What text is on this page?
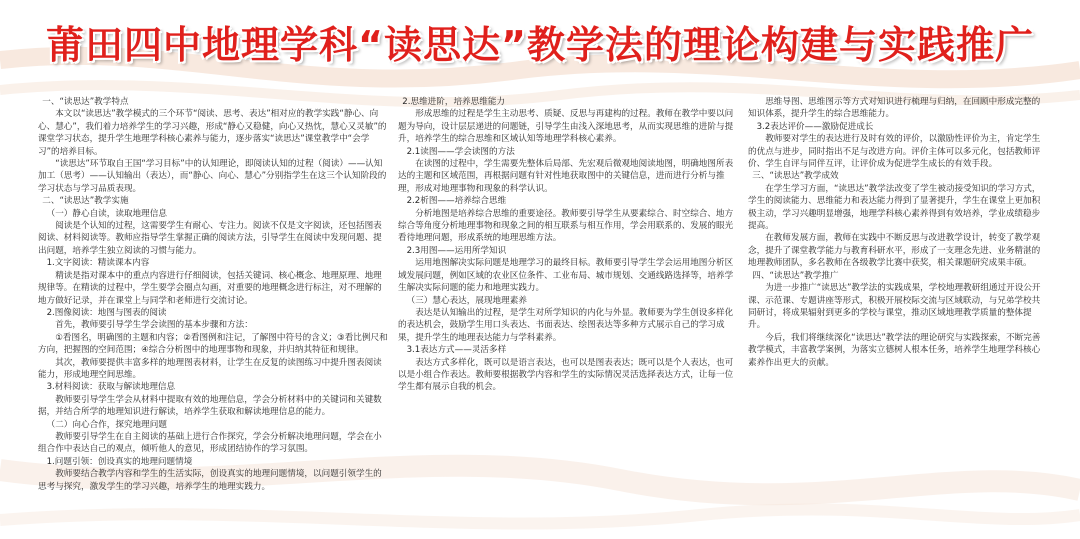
莆田四中地理学科“读思达”教学法的理论构建与实践推广

一、“读思达”教学特点

本文以“读思达”教学模式的三个环节“阅读、思考、表达”相对应的教学实践“静心、向心、慧心”，我们着力培养学生的学习兴趣，形成“静心又稳健，向心又热忱，慧心又灵敏”的课堂学习状态，提升学生地理学科核心素养与能力，逐步落实“读思达”课堂教学中“会学习”的培养目标。

“读思达”环节取自王国“学习目标”中的认知理论，即阅读认知的过程（阅读）——认知加工（思考）——认知输出（表达），而“静心、向心、慧心”分别指学生在这三个认知阶段的学习状态与学习品质表现。

二、“读思达”教学实施

（一）静心自读，读取地理信息

阅读是个认知的过程，这需要学生有耐心、专注力。阅读不仅是文字阅读，还包括图表阅读、材料阅读等。教师应指导学生掌握正确的阅读方法，引导学生在阅读中发现问题、提出问题，培养学生独立阅读的习惯与能力。

1.文字阅读：精读课本内容

精读是指对课本中的重点内容进行仔细阅读，包括关键词、核心概念、地理原理、地理规律等。在精读的过程中，学生要学会圈点勾画，对重要的地理概念进行标注，对不理解的地方做好记录，并在课堂上与同学和老师进行交流讨论。

2.图像阅读：地图与图表的阅读

首先，教师要引导学生学会读图的基本步骤和方法：

①看图名，明确图的主题和内容；②看图例和注记，了解图中符号的含义；③看比例尺和方向，把握图的空间范围；④综合分析图中的地理事物和现象，并归纳其特征和规律。

其次，教师要提供丰富多样的地理图表材料，让学生在反复的读图练习中提升图表阅读能力，形成地理空间思维。

3.材料阅读：获取与解读地理信息

教师要引导学生学会从材料中提取有效的地理信息，学会分析材料中的关键词和关键数据，并结合所学的地理知识进行解读，培养学生获取和解读地理信息的能力。

（二）向心合作，探究地理问题

教师要引导学生在自主阅读的基础上进行合作探究，学会分析解决地理问题，学会在小组合作中表达自己的观点，倾听他人的意见，形成团结协作的学习氛围。

1.问题引领：创设真实的地理问题情境

教师要结合教学内容和学生的生活实际，创设真实的地理问题情境，以问题引领学生的思考与探究，激发学生的学习兴趣，培养学生的地理实践力。

2.思维进阶，培养思维能力

形成思维的过程是学生主动思考、质疑、反思与再建构的过程。教师在教学中要以问题为导向，设计层层递进的问题链，引导学生由浅入深地思考，从而实现思维的进阶与提升，培养学生的综合思维和区域认知等地理学科核心素养。

2.1读图——学会读图的方法

在读图的过程中，学生需要先整体后局部、先宏观后微观地阅读地图，明确地图所表达的主题和区域范围，再根据问题有针对性地获取图中的关键信息，进而进行分析与推理，形成对地理事物和现象的科学认识。

2.2析图——培养综合思维

分析地图是培养综合思维的重要途径。教师要引导学生从要素综合、时空综合、地方综合等角度分析地理事物和现象之间的相互联系与相互作用，学会用联系的、发展的眼光看待地理问题，形成系统的地理思维方法。

2.3用图——运用所学知识

运用地图解决实际问题是地理学习的最终目标。教师要引导学生学会运用地图分析区域发展问题，例如区域的农业区位条件、工业布局、城市规划、交通线路选择等，培养学生解决实际问题的能力和地理实践力。

（三）慧心表达，展现地理素养

表达是认知输出的过程，是学生对所学知识的内化与外显。教师要为学生创设多样化的表达机会，鼓励学生用口头表达、书面表达、绘图表达等多种方式展示自己的学习成果，提升学生的地理表达能力与学科素养。

3.1表达方式——灵活多样

表达方式多样化，既可以是语言表达，也可以是图表表达；既可以是个人表达，也可以是小组合作表达。教师要根据教学内容和学生的实际情况灵活选择表达方式，让每一位学生都有展示自我的机会。

思维导图、思维图示等方式对知识进行梳理与归纳，在回顾中形成完整的知识体系，提升学生的综合思维能力。

3.2表达评价——激励促进成长

教师要对学生的表达进行及时有效的评价，以激励性评价为主，肯定学生的优点与进步，同时指出不足与改进方向。评价主体可以多元化，包括教师评价、学生自评与同伴互评，让评价成为促进学生成长的有效手段。

三、“读思达”教学成效

在学生学习方面，“读思达”教学法改变了学生被动接受知识的学习方式，学生的阅读能力、思维能力和表达能力得到了显著提升，学生在课堂上更加积极主动，学习兴趣明显增强，地理学科核心素养得到有效培养，学业成绩稳步提高。

在教师发展方面，教师在实践中不断反思与改进教学设计，转变了教学观念，提升了课堂教学能力与教育科研水平，形成了一支理念先进、业务精湛的地理教师团队，多名教师在各级教学比赛中获奖，相关课题研究成果丰硕。

四、“读思达”教学推广

为进一步推广“读思达”教学法的实践成果，学校地理教研组通过开设公开课、示范课、专题讲座等形式，积极开展校际交流与区域联动，与兄弟学校共同研讨，将成果辐射到更多的学校与课堂，推动区域地理教学质量的整体提升。

今后，我们将继续深化“读思达”教学法的理论研究与实践探索，不断完善教学模式，丰富教学案例，为落实立德树人根本任务，培养学生地理学科核心素养作出更大的贡献。
